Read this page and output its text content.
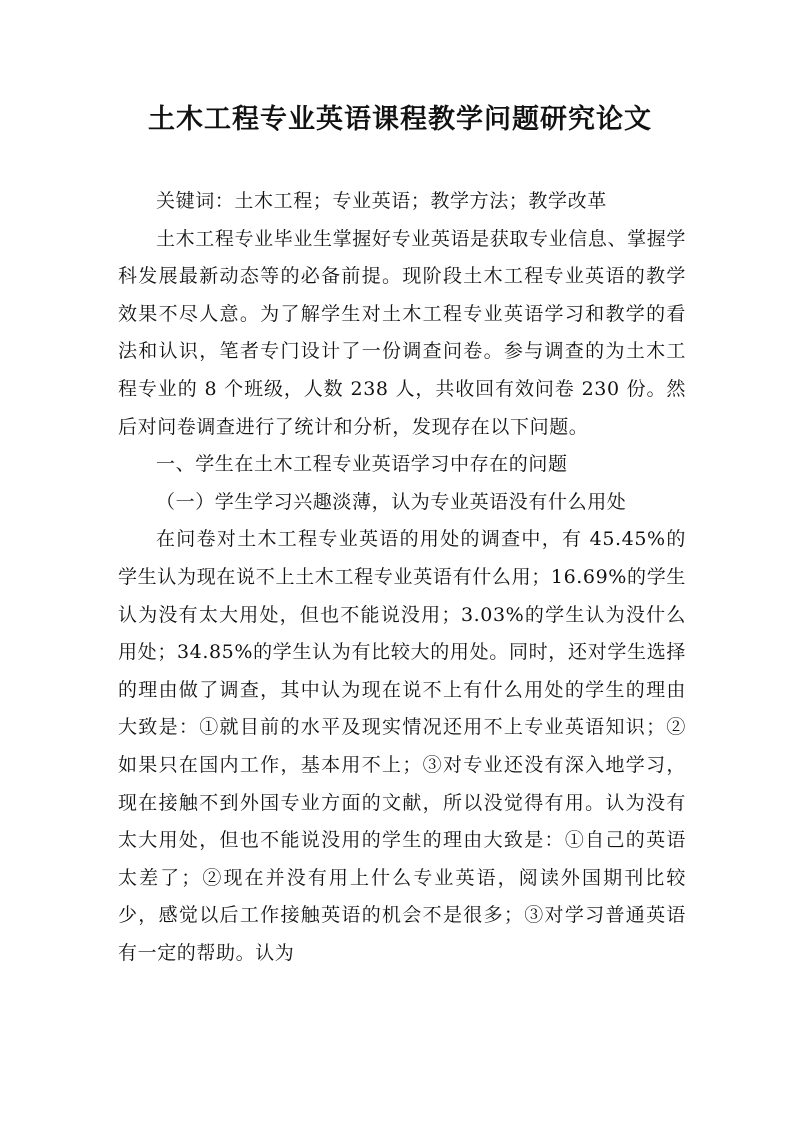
土木工程专业英语课程教学问题研究论文

关键词：土木工程；专业英语；教学方法；教学改革

土木工程专业毕业生掌握好专业英语是获取专业信息、掌握学科发展最新动态等的必备前提。现阶段土木工程专业英语的教学效果不尽人意。为了解学生对土木工程专业英语学习和教学的看法和认识，笔者专门设计了一份调查问卷。参与调查的为土木工程专业的 8 个班级，人数 238 人，共收回有效问卷 230 份。然后对问卷调查进行了统计和分析，发现存在以下问题。

一、学生在土木工程专业英语学习中存在的问题

（一）学生学习兴趣淡薄，认为专业英语没有什么用处

在问卷对土木工程专业英语的用处的调查中，有 45.45%的学生认为现在说不上土木工程专业英语有什么用；16.69%的学生认为没有太大用处，但也不能说没用；3.03%的学生认为没什么用处；34.85%的学生认为有比较大的用处。同时，还对学生选择的理由做了调查，其中认为现在说不上有什么用处的学生的理由大致是：①就目前的水平及现实情况还用不上专业英语知识；②如果只在国内工作，基本用不上；③对专业还没有深入地学习，现在接触不到外国专业方面的文献，所以没觉得有用。认为没有太大用处，但也不能说没用的学生的理由大致是：①自己的英语太差了；②现在并没有用上什么专业英语，阅读外国期刊比较少，感觉以后工作接触英语的机会不是很多；③对学习普通英语有一定的帮助。认为
